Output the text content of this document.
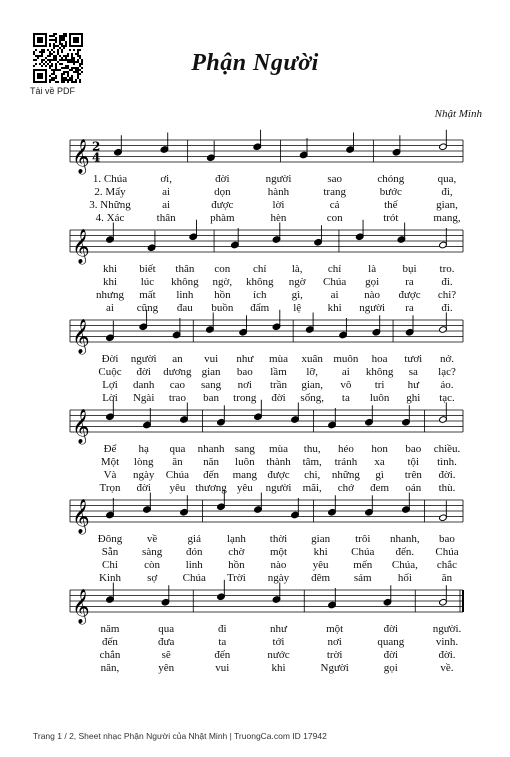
Tải về PDF
Phận Người
Nhật Minh
𝄞 2
4
𝄞
𝄞
𝄞
𝄞
𝄞
1. Chúa	ơi,	đời	người	sao	chóng	qua,
2. Mấy	ai	dọn	hành	trang	bước	đi,
3. Những	ai	được	lời	cả	thế	gian,
4. Xác	thân	phàm	hèn	con	trót	mang,
khi biết thân con chỉ là, chỉ là bụi tro.
khi lúc không ngờ, không ngờ Chúa gọi ra	đi.
nhưng mất linh hồn ích gì,	ai nào được chi?
ai cũng đau buồn đẩm lệ khi người ra	đi.
Đời người an vui như mùa xuân muôn hoa tươi nở.
Cuộc đời dương gian bao lầm lỡ, ai không sa lạc?
Lợi danh cao sang nơi trần gian, vô tri hư ảo.
Lời Ngài trao ban trong đời sống, ta luôn ghi tạc.
Để hạ qua nhanh sang mùa thu, héo hon bao chiều.
Một lòng ăn năn luôn thành tâm, tránh xa tội tình.
Và ngày Chúa đến mang được chi, những gì trên đời.
Trọn đời yêu thương yêu người mãi, chớ đem oán thù.
Đông về	giá lạnh thời gian trôi nhanh, bao
Sẵn sàng đón chờ một khi Chúa đến. Chúa
Chỉ còn linh hồn nào yêu mến Chúa, chắc
Kinh sợ Chúa Trời ngày đêm sám hối	ăn
năm	qua	đi	như	một	đời	người.
đến	đưa	ta	tới	nơi	quang	vinh.
chắn	sẽ	đến	nước	trời	đời	đời.
năn,	yên	vui	khi	Người	gọi	về.
Trang 1 / 2, Sheet nhạc Phận Người của Nhật Minh | TruongCa.com ID 17942
